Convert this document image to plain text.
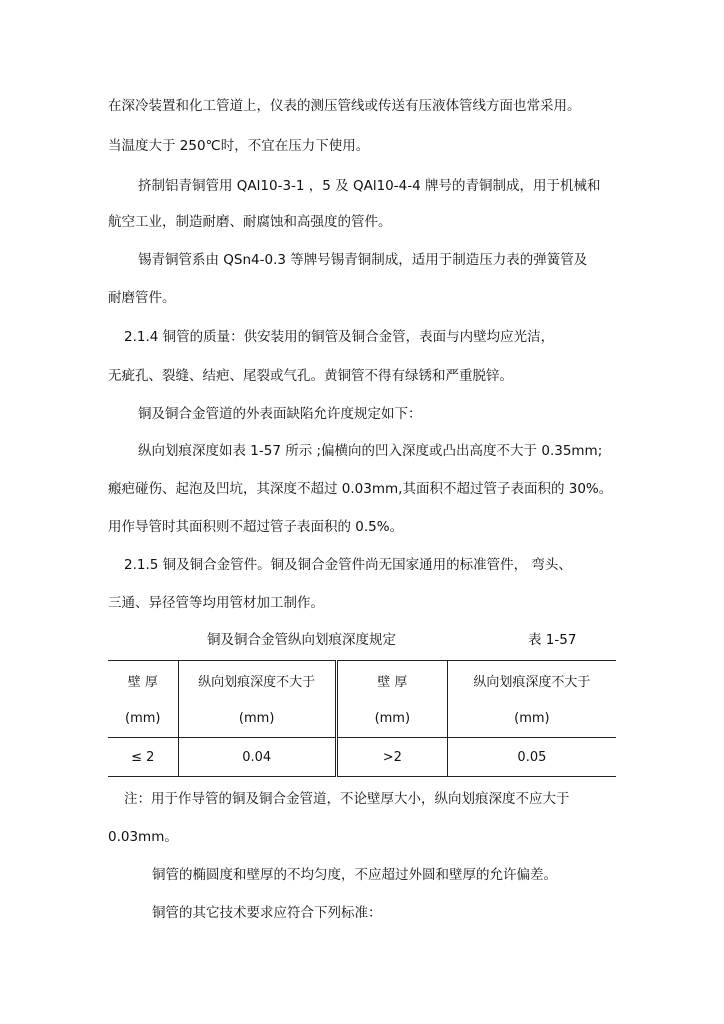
在深冷装置和化工管道上，仪表的测压管线或传送有压液体管线方面也常采用。
当温度大于 250℃时，不宜在压力下使用。
挤制铝青铜管用 QAl10-3-1 ，5 及 QAl10-4-4 牌号的青铜制成，用于机械和
航空工业，制造耐磨、耐腐蚀和高强度的管件。
锡青铜管系由 QSn4-0.3 等牌号锡青铜制成，适用于制造压力表的弹簧管及
耐磨管件。
2.1.4 铜管的质量：供安装用的铜管及铜合金管，表面与内壁均应光洁，
无疵孔、裂缝、结疤、尾裂或气孔。黄铜管不得有绿锈和严重脱锌。
铜及铜合金管道的外表面缺陷允许度规定如下：
纵向划痕深度如表 1-57 所示 ;偏横向的凹入深度或凸出高度不大于 0.35mm;
瘢疤碰伤、起泡及凹坑，其深度不超过 0.03mm,其面积不超过管子表面积的 30%。
用作导管时其面积则不超过管子表面积的 0.5%。
2.1.5 铜及铜合金管件。铜及铜合金管件尚无国家通用的标准管件， 弯头、
三通、异径管等均用管材加工制作。
铜及铜合金管纵向划痕深度规定	表 1-57
壁 厚	纵向划痕深度不大于	壁 厚	纵向划痕深度不大于
(mm)	(mm)	(mm)	(mm)
≤ 2	0.04	>2	0.05
注：用于作导管的铜及铜合金管道，不论壁厚大小，纵向划痕深度不应大于
0.03mm。
铜管的椭圆度和壁厚的不均匀度，不应超过外圆和壁厚的允许偏差。
铜管的其它技术要求应符合下列标准：
